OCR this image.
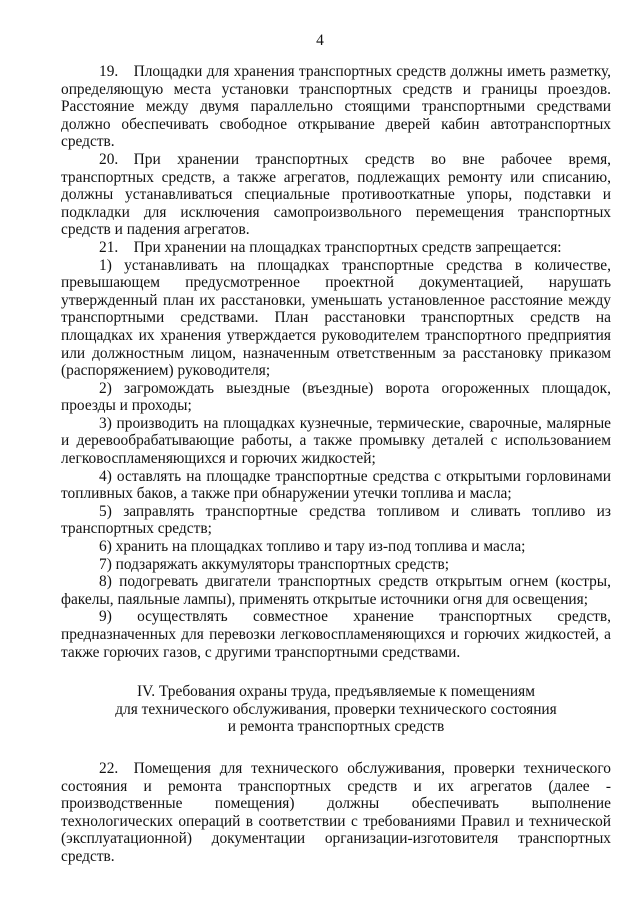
4

19. Площадки для хранения транспортных средств должны иметь разметку, определяющую места установки транспортных средств и границы проездов. Расстояние между двумя параллельно стоящими транспортными средствами должно обеспечивать свободное открывание дверей кабин автотранспортных средств.

20. При хранении транспортных средств во вне рабочее время, транспортных средств, а также агрегатов, подлежащих ремонту или списанию, должны устанавливаться специальные противооткатные упоры, подставки и подкладки для исключения самопроизвольного перемещения транспортных средств и падения агрегатов.

21. При хранении на площадках транспортных средств запрещается:

1) устанавливать на площадках транспортные средства в количестве, превышающем предусмотренное проектной документацией, нарушать утвержденный план их расстановки, уменьшать установленное расстояние между транспортными средствами. План расстановки транспортных средств на площадках их хранения утверждается руководителем транспортного предприятия или должностным лицом, назначенным ответственным за расстановку приказом (распоряжением) руководителя;

2) загромождать выездные (въездные) ворота огороженных площадок, проезды и проходы;

3) производить на площадках кузнечные, термические, сварочные, малярные и деревообрабатывающие работы, а также промывку деталей с использованием легковоспламеняющихся и горючих жидкостей;

4) оставлять на площадке транспортные средства с открытыми горловинами топливных баков, а также при обнаружении утечки топлива и масла;

5) заправлять транспортные средства топливом и сливать топливо из транспортных средств;

6) хранить на площадках топливо и тару из-под топлива и масла;

7) подзаряжать аккумуляторы транспортных средств;

8) подогревать двигатели транспортных средств открытым огнем (костры, факелы, паяльные лампы), применять открытые источники огня для освещения;

9) осуществлять совместное хранение транспортных средств, предназначенных для перевозки легковоспламеняющихся и горючих жидкостей, а также горючих газов, с другими транспортными средствами.

IV. Требования охраны труда, предъявляемые к помещениям
для технического обслуживания, проверки технического состояния
и ремонта транспортных средств

22. Помещения для технического обслуживания, проверки технического состояния и ремонта транспортных средств и их агрегатов (далее - производственные помещения) должны обеспечивать выполнение технологических операций в соответствии с требованиями Правил и технической (эксплуатационной) документации организации-изготовителя транспортных средств.
